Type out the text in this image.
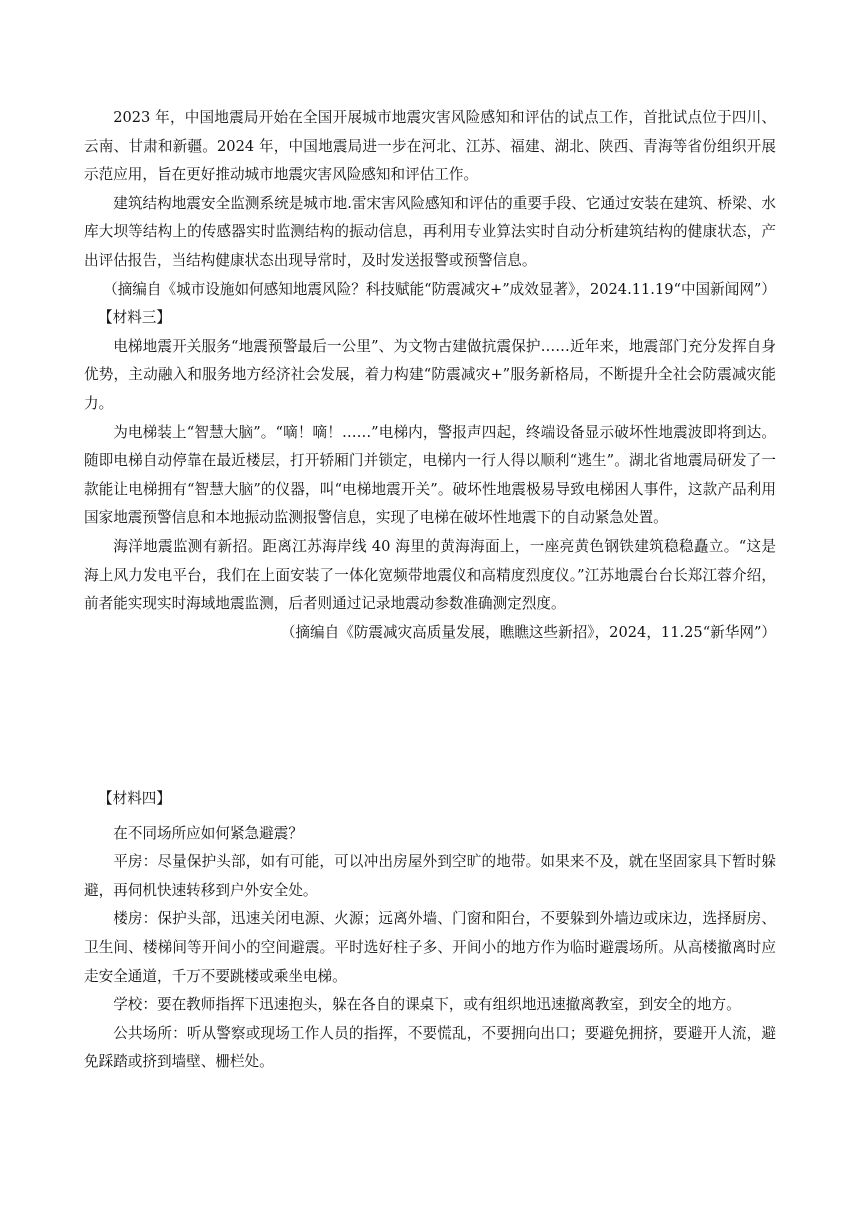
2023 年，中国地震局开始在全国开展城市地震灾害风险感知和评估的试点工作，首批试点位于四川、云南、甘肃和新疆。2024 年，中国地震局进一步在河北、江苏、福建、湖北、陕西、青海等省份组织开展示范应用，旨在更好推动城市地震灾害风险感知和评估工作。

建筑结构地震安全监测系统是城市地.雷宋害风险感知和评估的重要手段、它通过安装在建筑、桥梁、水库大坝等结构上的传感器实时监测结构的振动信息，再利用专业算法实时自动分析建筑结构的健康状态，产出评估报告，当结构健康状态出现导常时，及时发送报警或预警信息。

（摘编自《城市设施如何感知地震风险？科技赋能“防震减灾+”成效显著》，2024.11.19“中国新闻网”）

【材料三】

电梯地震开关服务“地震预警最后一公里”、为文物古建做抗震保护……近年来，地震部门充分发挥自身优势，主动融入和服务地方经济社会发展，着力构建“防震减灾+”服务新格局，不断提升全社会防震减灾能力。

为电梯装上“智慧大脑”。“嘀！嘀！……”电梯内，警报声四起，终端设备显示破坏性地震波即将到达。随即电梯自动停靠在最近楼层，打开轿厢门并锁定，电梯内一行人得以顺利“逃生”。湖北省地震局研发了一款能让电梯拥有“智慧大脑”的仪器，叫“电梯地震开关”。破坏性地震极易导致电梯困人事件，这款产品利用国家地震预警信息和本地振动监测报警信息，实现了电梯在破坏性地震下的自动紧急处置。

海洋地震监测有新招。距离江苏海岸线 40 海里的黄海海面上，一座亮黄色钢铁建筑稳稳矗立。“这是海上风力发电平台，我们在上面安装了一体化宽频带地震仪和高精度烈度仪。”江苏地震台台长郑江蓉介绍，前者能实现实时海域地震监测，后者则通过记录地震动参数准确测定烈度。

（摘编自《防震减灾高质量发展，瞧瞧这些新招》，2024，11.25“新华网”）

【材料四】

在不同场所应如何紧急避震？

平房：尽量保护头部，如有可能，可以冲出房屋外到空旷的地带。如果来不及，就在坚固家具下暂时躲避，再伺机快速转移到户外安全处。

楼房：保护头部，迅速关闭电源、火源；远离外墙、门窗和阳台，不要躲到外墙边或床边，选择厨房、卫生间、楼梯间等开间小的空间避震。平时选好柱子多、开间小的地方作为临时避震场所。从高楼撤离时应走安全通道，千万不要跳楼或乘坐电梯。

学校：要在教师指挥下迅速抱头，躲在各自的课桌下，或有组织地迅速撤离教室，到安全的地方。

公共场所：听从警察或现场工作人员的指挥，不要慌乱，不要拥向出口；要避免拥挤，要避开人流，避免踩踏或挤到墙壁、栅栏处。
